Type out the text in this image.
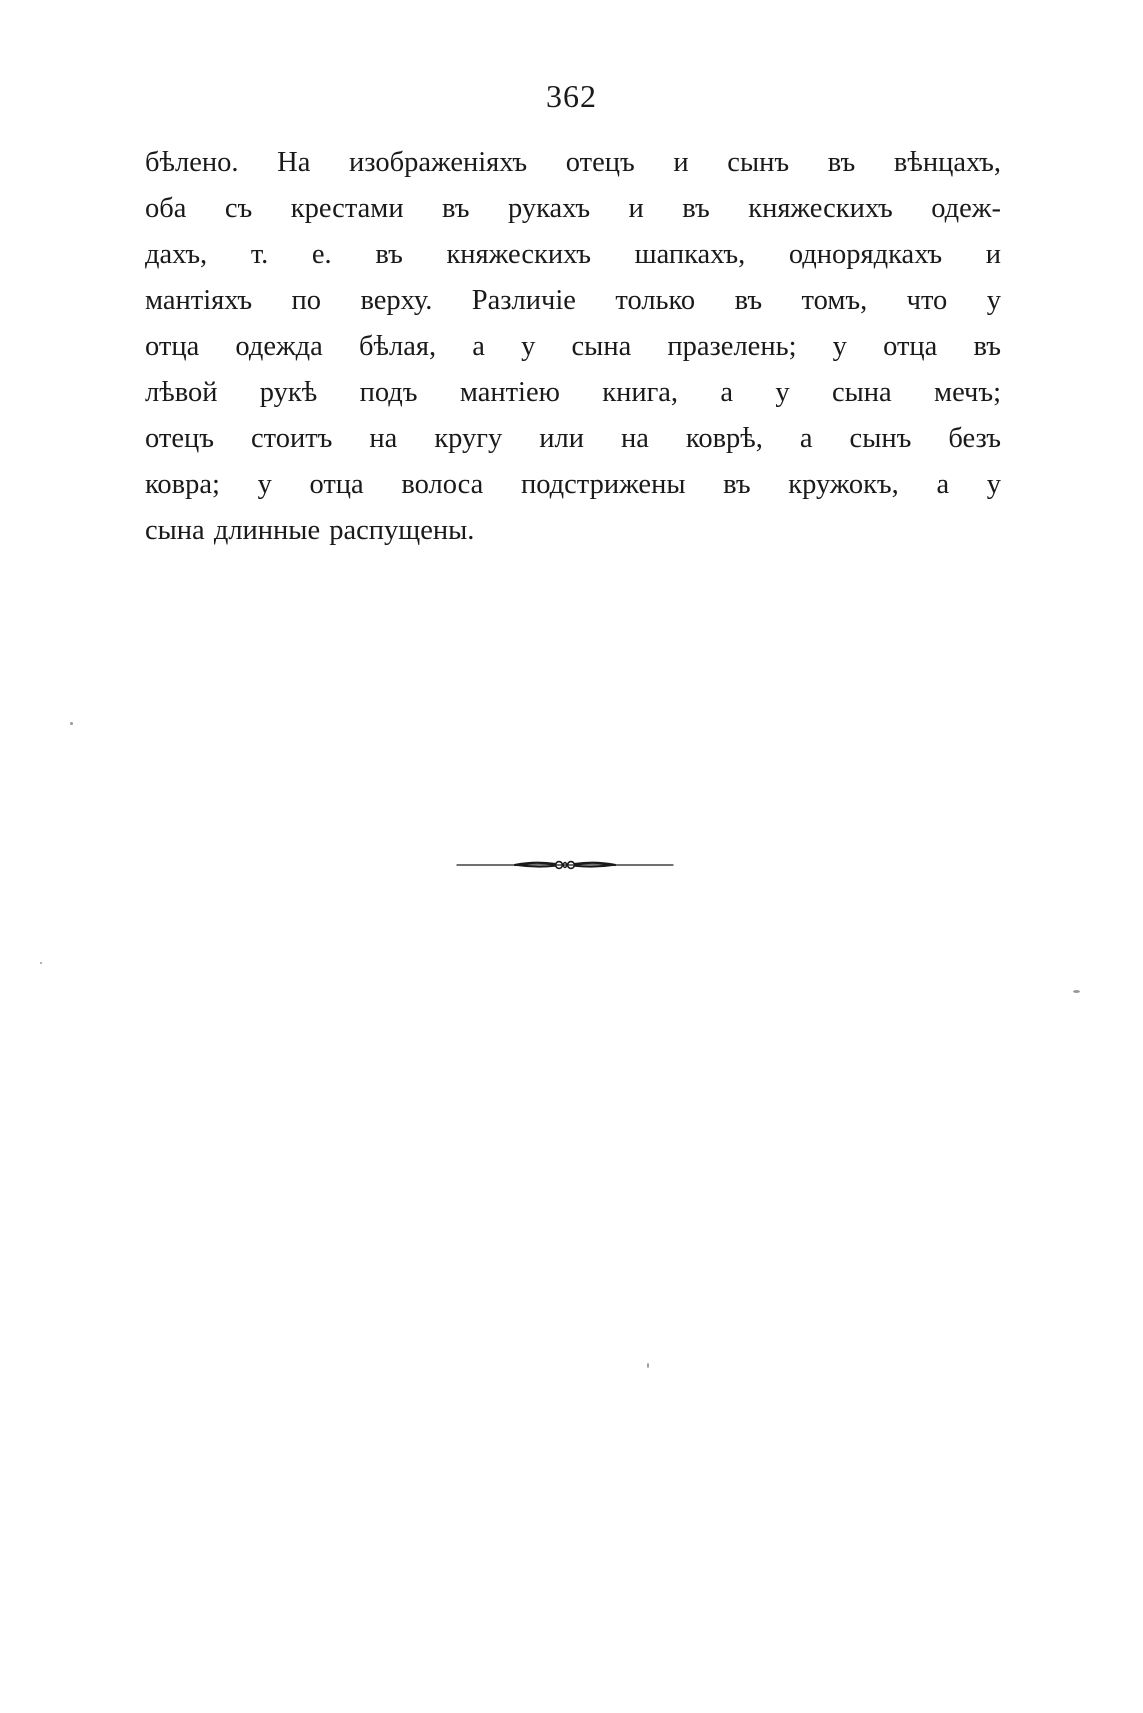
362
бѣлено. На изображеніяхъ отецъ и сынъ въ вѣнцахъ,
оба съ крестами въ рукахъ и въ княжескихъ одеж-
дахъ, т. е. въ княжескихъ шапкахъ, однорядкахъ и
мантіяхъ по верху. Различіе только въ томъ, что у
отца одежда бѣлая, а у сына празелень; у отца въ
лѣвой рукѣ подъ мантіею книга, а у сына мечъ;
отецъ стоитъ на кругу или на коврѣ, а сынъ безъ
ковра; у отца волоса подстрижены въ кружокъ, а у
сына длинные распущены.
